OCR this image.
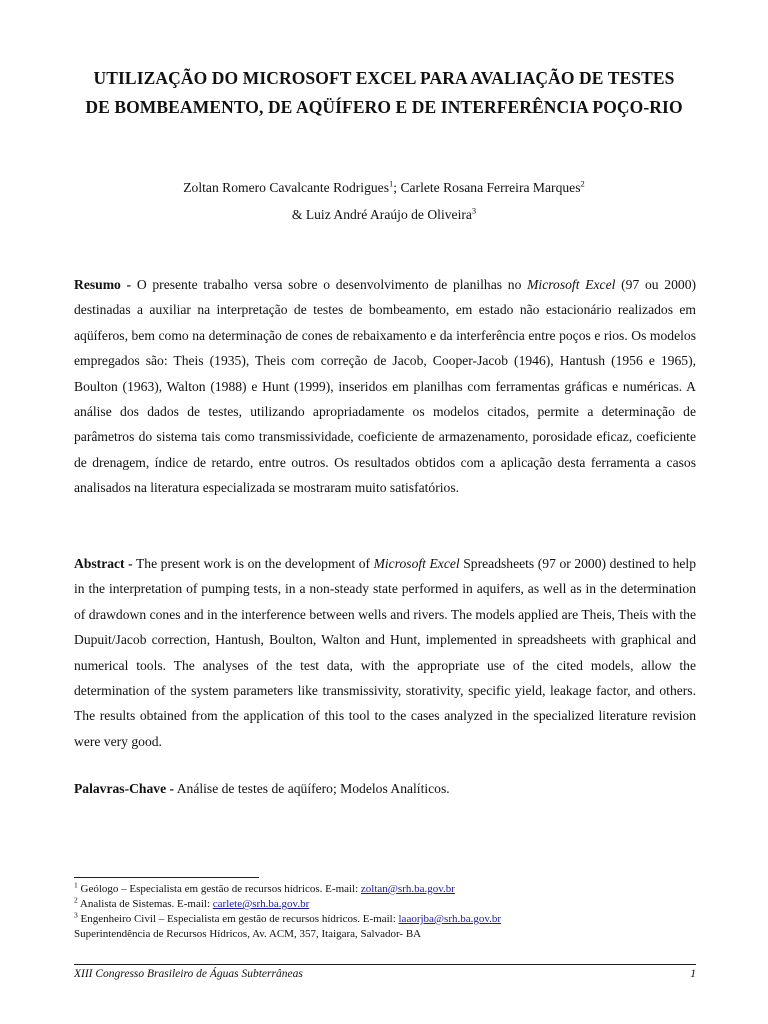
UTILIZAÇÃO DO MICROSOFT EXCEL PARA AVALIAÇÃO DE TESTES
DE BOMBEAMENTO, DE AQÜÍFERO E DE INTERFERÊNCIA POÇO-RIO
Zoltan Romero Cavalcante Rodrigues$^1$; Carlete Rosana Ferreira Marques$^2$
& Luiz André Araújo de Oliveira$^3$
Resumo - O presente trabalho versa sobre o desenvolvimento de planilhas no Microsoft Excel (97 ou 2000) destinadas a auxiliar na interpretação de testes de bombeamento, em estado não estacionário realizados em aqüíferos, bem como na determinação de cones de rebaixamento e da interferência entre poços e rios. Os modelos empregados são: Theis (1935), Theis com correção de Jacob, Cooper-Jacob (1946), Hantush (1956 e 1965), Boulton (1963), Walton (1988) e Hunt (1999), inseridos em planilhas com ferramentas gráficas e numéricas. A análise dos dados de testes, utilizando apropriadamente os modelos citados, permite a determinação de parâmetros do sistema tais como transmissividade, coeficiente de armazenamento, porosidade eficaz, coeficiente de drenagem, índice de retardo, entre outros. Os resultados obtidos com a aplicação desta ferramenta a casos analisados na literatura especializada se mostraram muito satisfatórios.
Abstract - The present work is on the development of Microsoft Excel Spreadsheets (97 or 2000) destined to help in the interpretation of pumping tests, in a non-steady state performed in aquifers, as well as in the determination of drawdown cones and in the interference between wells and rivers. The models applied are Theis, Theis with the Dupuit/Jacob correction, Hantush, Boulton, Walton and Hunt, implemented in spreadsheets with graphical and numerical tools. The analyses of the test data, with the appropriate use of the cited models, allow the determination of the system parameters like transmissivity, storativity, specific yield, leakage factor, and others. The results obtained from the application of this tool to the cases analyzed in the specialized literature revision were very good.
Palavras-Chave - Análise de testes de aqüífero; Modelos Analíticos.
$^1$ Geólogo – Especialista em gestão de recursos hídricos. E-mail: zoltan@srh.ba.gov.br
$^2$ Analista de Sistemas. E-mail: carlete@srh.ba.gov.br
$^3$ Engenheiro Civil – Especialista em gestão de recursos hídricos. E-mail: laaorjba@srh.ba.gov.br
Superintendência de Recursos Hídricos, Av. ACM, 357, Itaigara, Salvador- BA
XIII Congresso Brasileiro de Águas Subterrâneas	1
